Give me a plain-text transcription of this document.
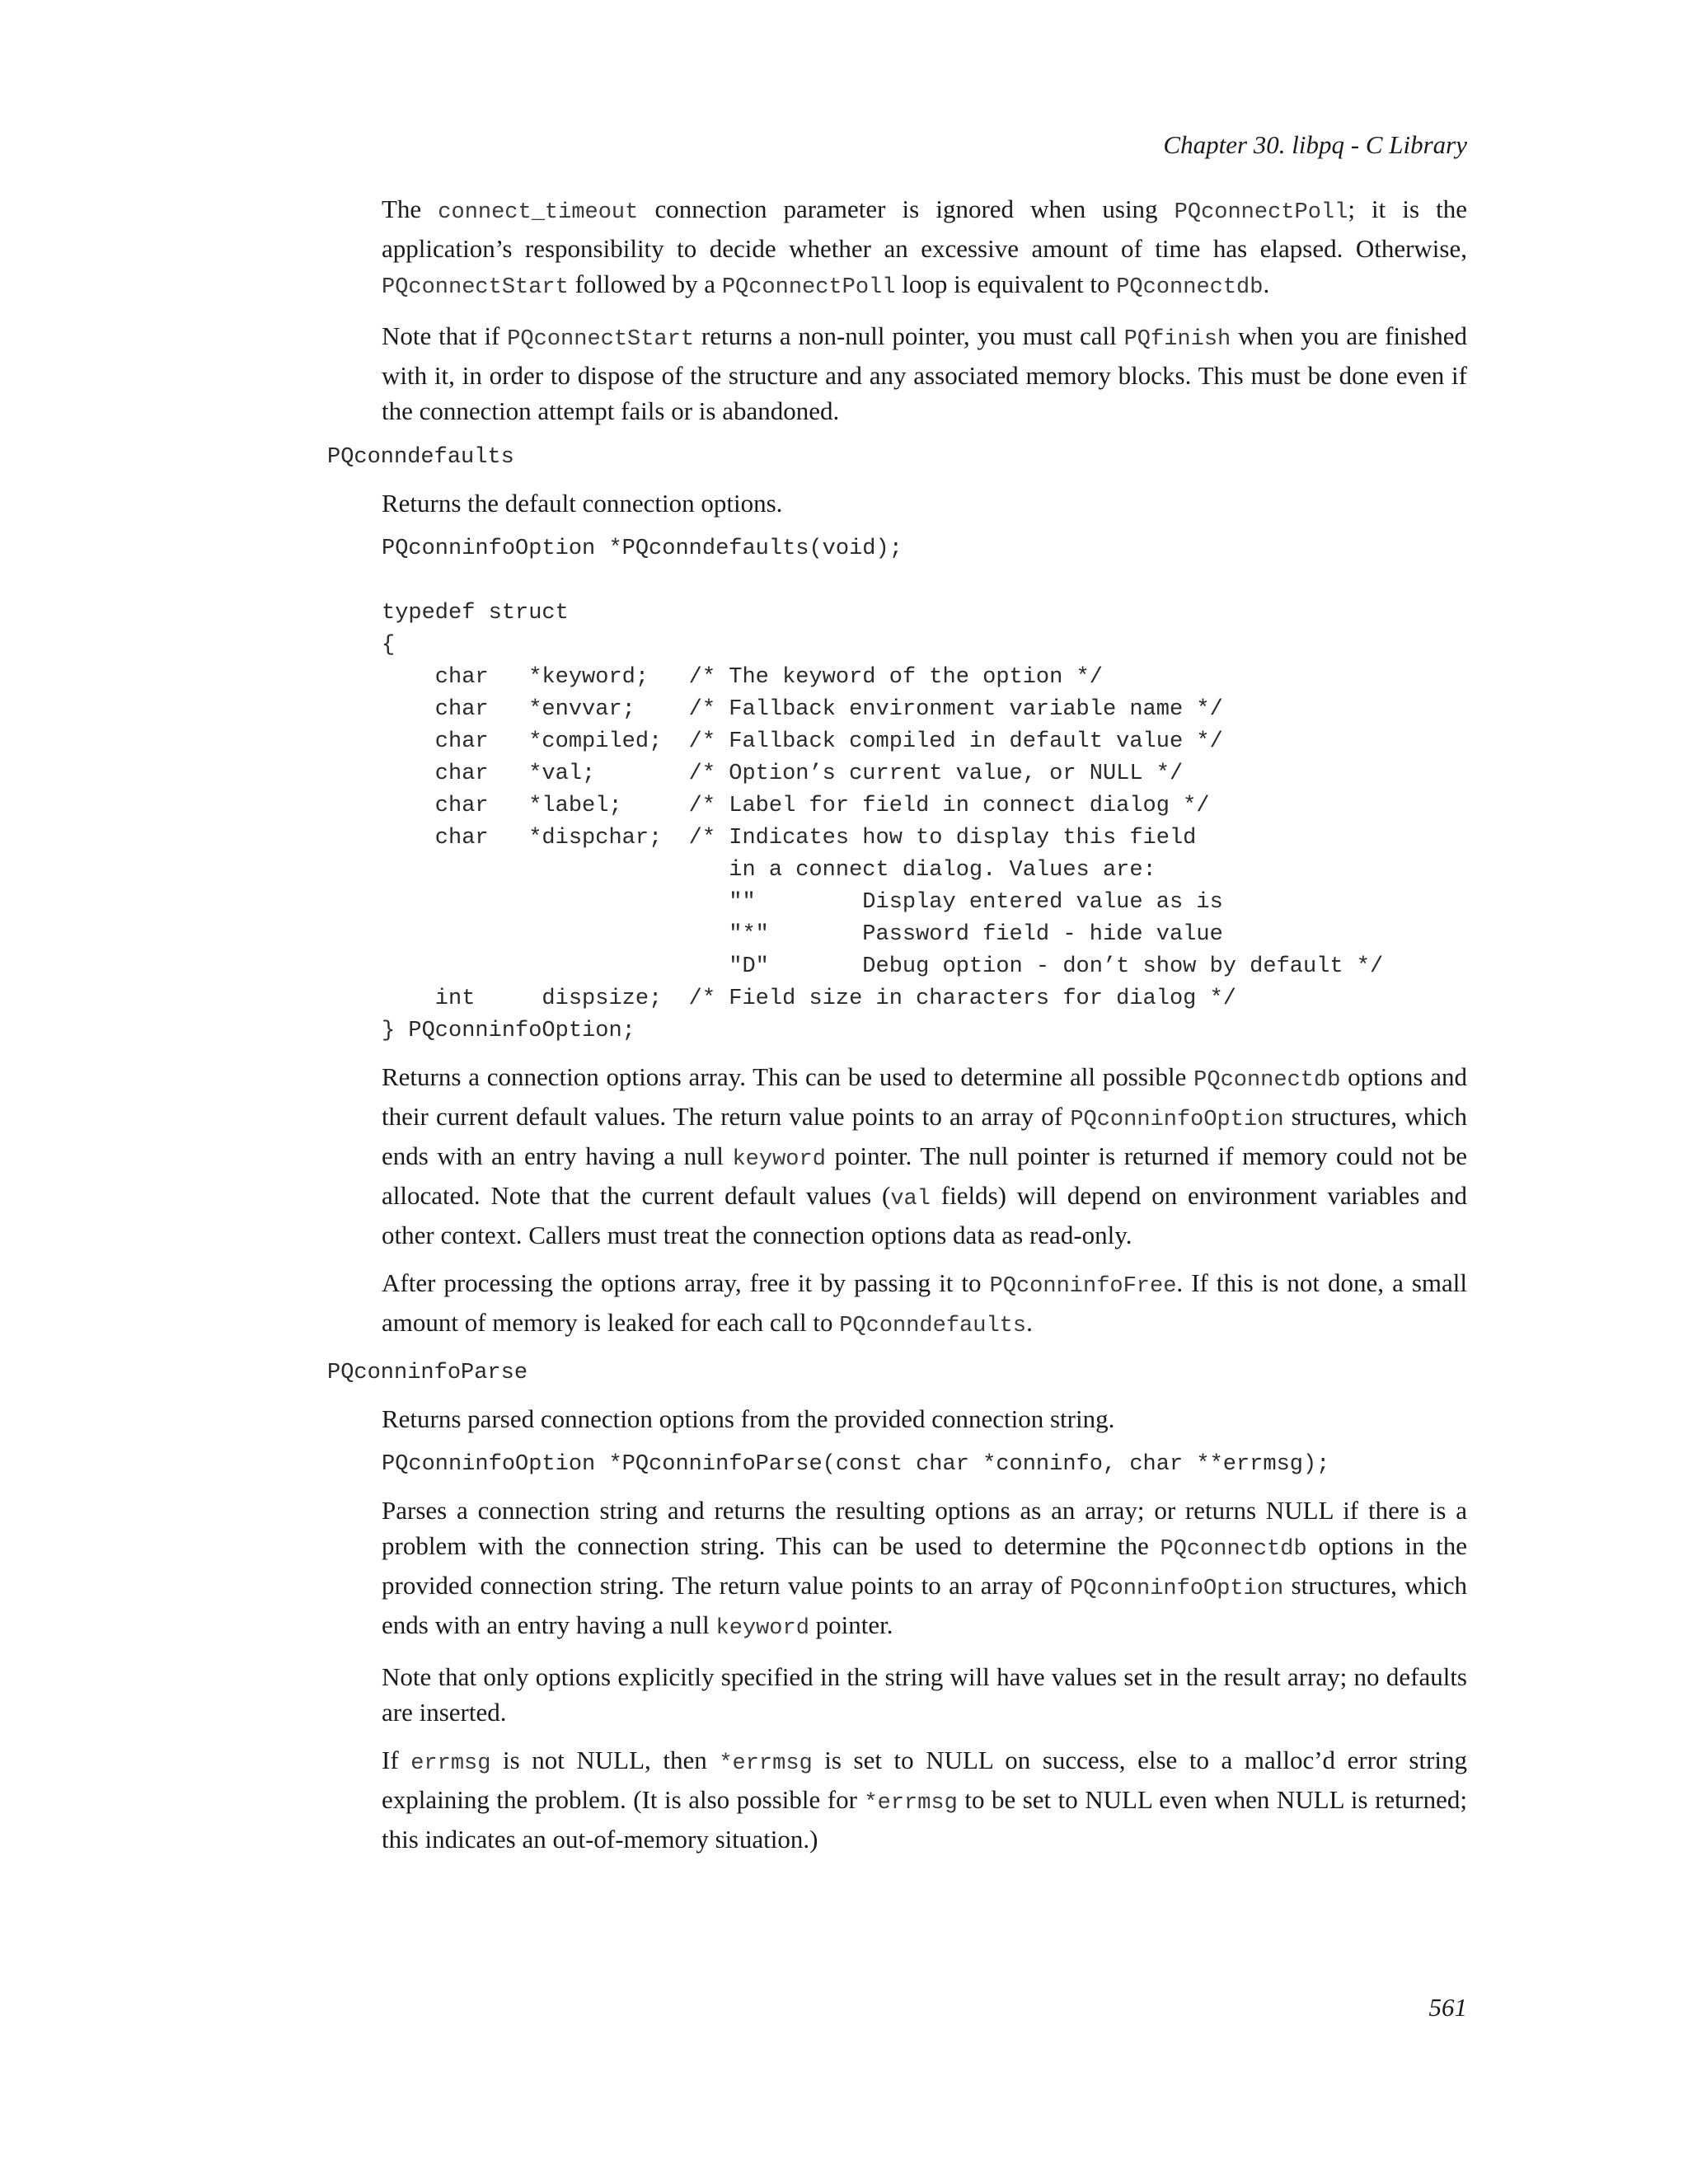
Chapter 30. libpq - C Library

The connect_timeout connection parameter is ignored when using PQconnectPoll; it is the application’s responsibility to decide whether an excessive amount of time has elapsed. Otherwise, PQconnectStart followed by a PQconnectPoll loop is equivalent to PQconnectdb.

Note that if PQconnectStart returns a non-null pointer, you must call PQfinish when you are finished with it, in order to dispose of the structure and any associated memory blocks. This must be done even if the connection attempt fails or is abandoned.

PQconndefaults

Returns the default connection options.

PQconninfoOption *PQconndefaults(void);

typedef struct
{
char   *keyword;   /* The keyword of the option */
char   *envvar;    /* Fallback environment variable name */
char   *compiled;  /* Fallback compiled in default value */
char   *val;       /* Option’s current value, or NULL */
char   *label;     /* Label for field in connect dialog */
char   *dispchar;  /* Indicates how to display this field
in a connect dialog. Values are:
""        Display entered value as is
"*"       Password field - hide value
"D"       Debug option - don’t show by default */
int     dispsize;  /* Field size in characters for dialog */
} PQconninfoOption;

Returns a connection options array. This can be used to determine all possible PQconnectdb options and their current default values. The return value points to an array of PQconninfoOption structures, which ends with an entry having a null keyword pointer. The null pointer is returned if memory could not be allocated. Note that the current default values (val fields) will depend on environment variables and other context. Callers must treat the connection options data as read-only.

After processing the options array, free it by passing it to PQconninfoFree. If this is not done, a small amount of memory is leaked for each call to PQconndefaults.

PQconninfoParse

Returns parsed connection options from the provided connection string.

PQconninfoOption *PQconninfoParse(const char *conninfo, char **errmsg);

Parses a connection string and returns the resulting options as an array; or returns NULL if there is a problem with the connection string. This can be used to determine the PQconnectdb options in the provided connection string. The return value points to an array of PQconninfoOption structures, which ends with an entry having a null keyword pointer.

Note that only options explicitly specified in the string will have values set in the result array; no defaults are inserted.

If errmsg is not NULL, then *errmsg is set to NULL on success, else to a malloc’d error string explaining the problem. (It is also possible for *errmsg to be set to NULL even when NULL is returned; this indicates an out-of-memory situation.)

561
